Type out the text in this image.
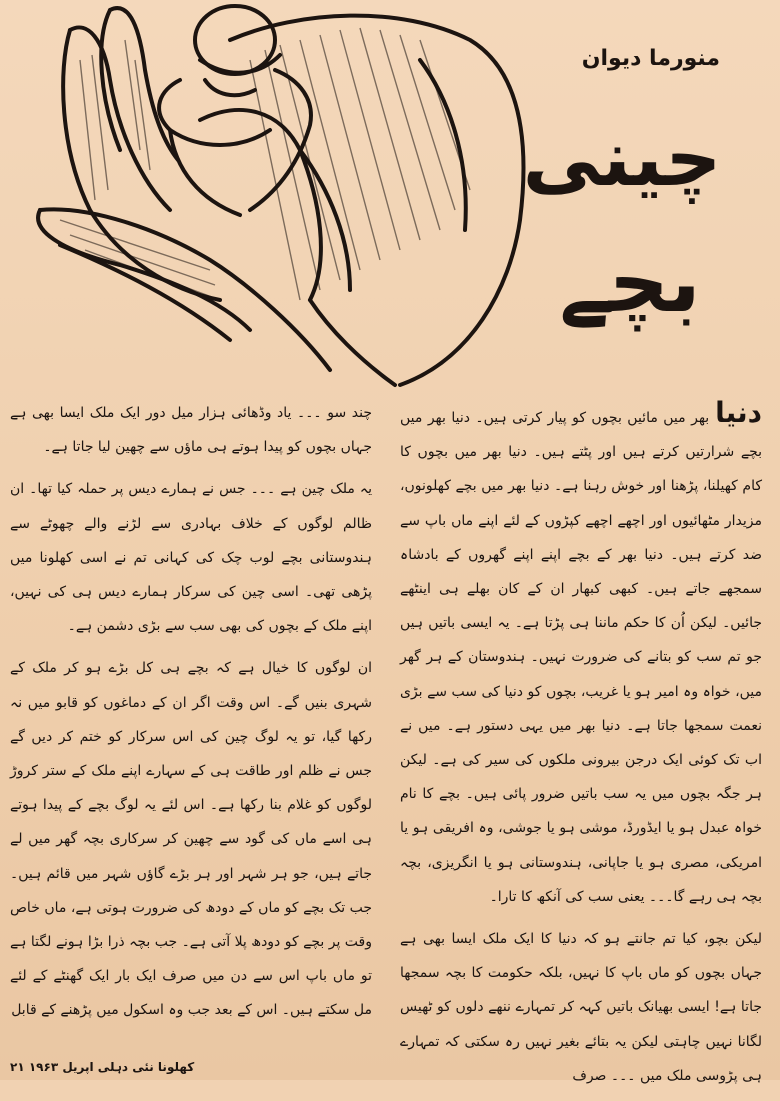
منورما دیوان
چینی
بچے

دنیابھر میں مائیں بچوں کو پیار کرتی ہیں۔ دنیا بھر میں بچے شرارتیں کرتے ہیں اور پٹتے ہیں۔ دنیا بھر میں بچوں کا کام کھیلنا، پڑھنا اور خوش رہنا ہے۔ دنیا بھر میں بچے کھلونوں، مزیدار مٹھائیوں اور اچھے اچھے کپڑوں کے لئے اپنے ماں باپ سے ضد کرتے ہیں۔ دنیا بھر کے بچے اپنے اپنے گھروں کے بادشاہ سمجھے جاتے ہیں۔ کبھی کبھار ان کے کان بھلے ہی اینٹھے جائیں۔ لیکن اُن کا حکم ماننا ہی پڑتا ہے۔ یہ ایسی باتیں ہیں جو تم سب کو بتانے کی ضرورت نہیں۔ ہندوستان کے ہر گھر میں، خواہ وہ امیر ہو یا غریب، بچوں کو دنیا کی سب سے بڑی نعمت سمجھا جاتا ہے۔ دنیا بھر میں یہی دستور ہے۔ میں نے اب تک کوئی ایک درجن بیرونی ملکوں کی سیر کی ہے۔ لیکن ہر جگہ بچوں میں یہ سب باتیں ضرور پائی ہیں۔ بچے کا نام خواہ عبدل ہو یا ایڈورڈ، موشی ہو یا جوشی، وہ افریقی ہو یا امریکی، مصری ہو یا جاپانی، ہندوستانی ہو یا انگریزی، بچہ بچہ ہی رہے گا۔۔۔ یعنی سب کی آنکھ کا تارا۔

لیکن بچو، کیا تم جانتے ہو کہ دنیا کا ایک ملک ایسا بھی ہے جہاں بچوں کو ماں باپ کا نہیں، بلکہ حکومت کا بچہ سمجھا جاتا ہے! ایسی بھیانک باتیں کہہ کر تمہارے ننھے دلوں کو ٹھیس لگانا نہیں چاہتی لیکن یہ بتائے بغیر نہیں رہ سکتی کہ تمہارے ہی پڑوسی ملک میں ۔۔۔ صرف

چند سو ۔۔۔ یاد وڈھائی ہزار میل دور ایک ملک ایسا بھی ہے جہاں بچوں کو پیدا ہوتے ہی ماؤں سے چھین لیا جاتا ہے۔

یہ ملک چین ہے ۔۔۔ جس نے ہمارے دیس پر حملہ کیا تھا۔ ان ظالم لوگوں کے خلاف بہادری سے لڑنے والے چھوٹے سے ہندوستانی بچے لوب چک کی کہانی تم نے اسی کھلونا میں پڑھی تھی۔ اسی چین کی سرکار ہمارے دیس ہی کی نہیں، اپنے ملک کے بچوں کی بھی سب سے بڑی دشمن ہے۔

ان لوگوں کا خیال ہے کہ بچے ہی کل بڑے ہو کر ملک کے شہری بنیں گے۔ اس وقت اگر ان کے دماغوں کو قابو میں نہ رکھا گیا، تو یہ لوگ چین کی اس سرکار کو ختم کر دیں گے جس نے ظلم اور طاقت ہی کے سہارے اپنے ملک کے ستر کروڑ لوگوں کو غلام بنا رکھا ہے۔ اس لئے یہ لوگ بچے کے پیدا ہوتے ہی اسے ماں کی گود سے چھین کر سرکاری بچہ گھر میں لے جاتے ہیں، جو ہر شہر اور ہر بڑے گاؤں شہر میں قائم ہیں۔ جب تک بچے کو ماں کے دودھ کی ضرورت ہوتی ہے، ماں خاص وقت پر بچے کو دودھ پلا آتی ہے۔ جب بچہ ذرا بڑا ہونے لگتا ہے تو ماں باپ اس سے دن میں صرف ایک بار ایک گھنٹے کے لئے مل سکتے ہیں۔ اس کے بعد جب وہ اسکول میں پڑھنے کے قابل

کھلونا نئی دہلی اپریل ۱۹۶۳ ۲۱
